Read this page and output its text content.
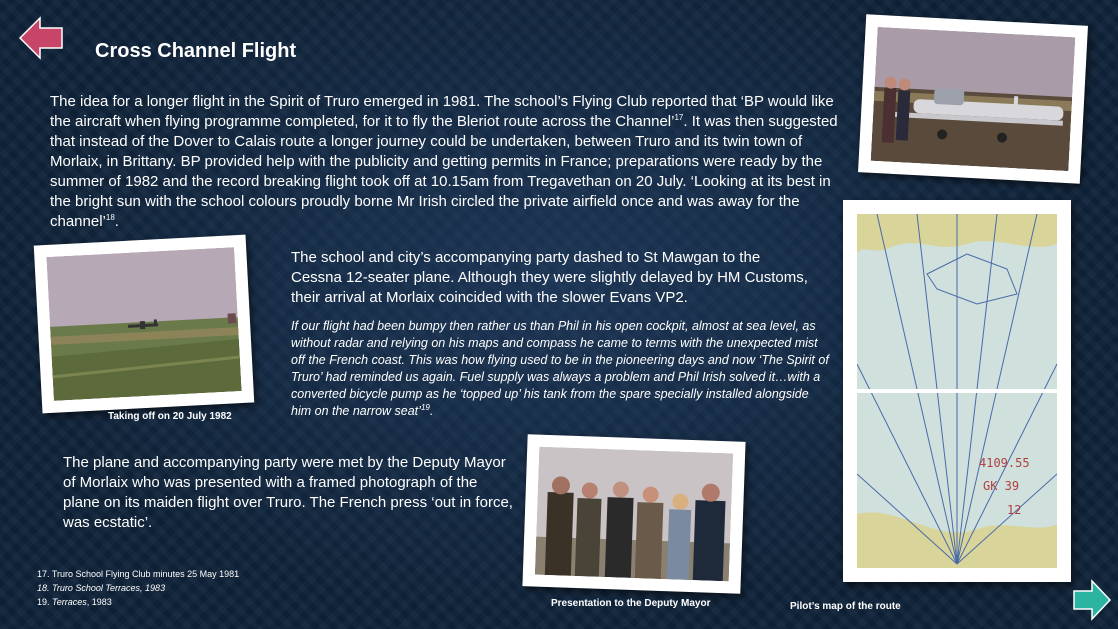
Cross Channel Flight
The idea for a longer flight in the Spirit of Truro emerged in 1981. The school’s Flying Club reported that ‘BP would like the aircraft when flying programme completed, for it to fly the Bleriot route across the Channel’$^{17}$. It was then suggested that instead of the Dover to Calais route a longer journey could be undertaken, between Truro and its twin town of Morlaix, in Brittany. BP provided help with the publicity and getting permits in France; preparations were ready by the summer of 1982 and the record breaking flight took off at 10.15am from Tregavethan on 20 July. ‘Looking at its best in the bright sun with the school colours proudly borne Mr Irish circled the private airfield once and was away for the channel’$^{18}$.
Taking off on 20 July 1982
The school and city’s accompanying party dashed to St Mawgan to the Cessna 12-seater plane. Although they were slightly delayed by HM Customs, their arrival at Morlaix coincided with the slower Evans VP2.
If our flight had been bumpy then rather us than Phil in his open cockpit, almost at sea level, as without radar and relying on his maps and compass he came to terms with the unexpected mist off the French coast. This was how flying used to be in the pioneering days and now ‘The Spirit of Truro’ had reminded us again. Fuel supply was always a problem and Phil Irish solved it…with a converted bicycle pump as he ‘topped up’ his tank from the spare specially installed alongside him on the narrow seat’$^{19}$.
The plane and accompanying party were met by the Deputy Mayor of Morlaix who was presented with a framed photograph of the plane on its maiden flight over Truro. The French press ‘out in force, was ecstatic’.
4109.55
GK 39
12
Pilot’s map of the route
Presentation to the Deputy Mayor
17. Truro School Flying Club minutes 25 May 1981
18. Truro School Terraces, 1983
19. Terraces, 1983
